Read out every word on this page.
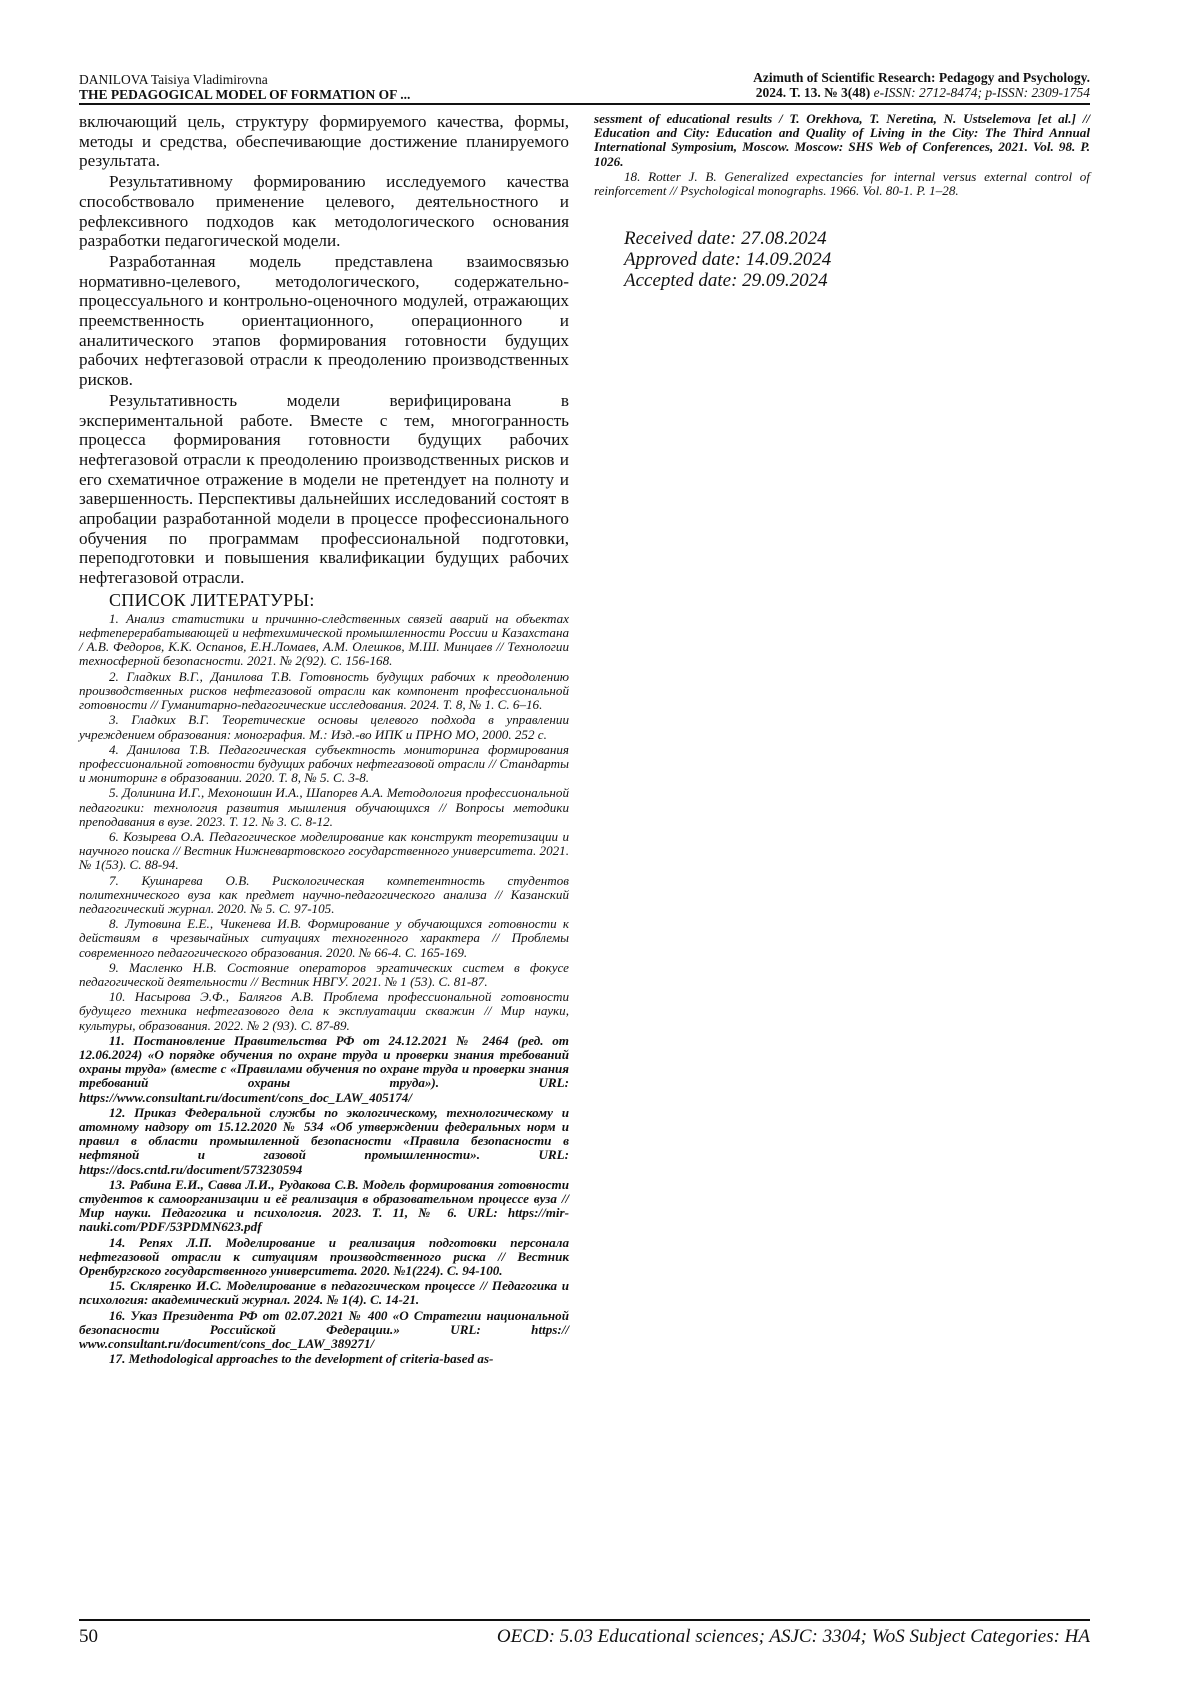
DANILOVA Taisiya Vladimirovna
THE PEDAGOGICAL MODEL OF FORMATION OF ...
Azimuth of Scientific Research: Pedagogy and Psychology.
2024. Т. 13. № 3(48) e-ISSN: 2712-8474; p-ISSN: 2309-1754

включающий цель, структуру формируемого качества, формы, методы и средства, обеспечивающие достижение планируемого результата.

Результативному формированию исследуемого качества способствовало применение целевого, деятельностного и рефлексивного подходов как методологического основания разработки педагогической модели.

Разработанная модель представлена взаимосвязью нормативно-целевого, методологического, содержательно-процессуального и контрольно-оценочного модулей, отражающих преемственность ориентационного, операционного и аналитического этапов формирования готовности будущих рабочих нефтегазовой отрасли к преодолению производственных рисков.

Результативность модели верифицирована в экспериментальной работе. Вместе с тем, многогранность процесса формирования готовности будущих рабочих нефтегазовой отрасли к преодолению производственных рисков и его схематичное отражение в модели не претендует на полноту и завершенность. Перспективы дальнейших исследований состоят в апробации разработанной модели в процессе профессионального обучения по программам профессиональной подготовки, переподготовки и повышения квалификации будущих рабочих нефтегазовой отрасли.

СПИСОК ЛИТЕРАТУРЫ:

1. Анализ статистики и причинно-следственных связей аварий на объектах нефтеперерабатывающей и нефтехимической промышленности России и Казахстана / А.В. Федоров, К.К. Оспанов, Е.Н.Ломаев, А.М. Олешков, М.Ш. Минцаев // Технологии техносферной безопасности. 2021. № 2(92). С. 156-168.

2. Гладких В.Г., Данилова Т.В. Готовность будущих рабочих к преодолению производственных рисков нефтегазовой отрасли как компонент профессиональной готовности // Гуманитарно-педагогические исследования. 2024. Т. 8, № 1. С. 6–16.

3. Гладких В.Г. Теоретические основы целевого подхода в управлении учреждением образования: монография. М.: Изд.-во ИПК и ПРНО МО, 2000. 252 с.

4. Данилова Т.В. Педагогическая субъектность мониторинга формирования профессиональной готовности будущих рабочих нефтегазовой отрасли // Стандарты и мониторинг в образовании. 2020. Т. 8, № 5. С. 3-8.

5. Долинина И.Г., Мехоношин И.А., Шапорев А.А. Методология профессиональной педагогики: технология развития мышления обучающихся // Вопросы методики преподавания в вузе. 2023. Т. 12. № 3. С. 8-12.

6. Козырева О.А. Педагогическое моделирование как конструкт теоретизации и научного поиска // Вестник Нижневартовского государственного университета. 2021. № 1(53). С. 88-94.

7. Кушнарева О.В. Рискологическая компетентность студентов политехнического вуза как предмет научно-педагогического анализа // Казанский педагогический журнал. 2020. № 5. С. 97-105.

8. Лутовина Е.Е., Чикенева И.В. Формирование у обучающихся готовности к действиям в чрезвычайных ситуациях техногенного характера // Проблемы современного педагогического образования. 2020. № 66-4. С. 165-169.

9. Масленко Н.В. Состояние операторов эргатических систем в фокусе педагогической деятельности // Вестник НВГУ. 2021. № 1 (53). С. 81-87.

10. Насырова Э.Ф., Балягов А.В. Проблема профессиональной готовности будущего техника нефтегазового дела к эксплуатации скважин // Мир науки, культуры, образования. 2022. № 2 (93). С. 87-89.

11. Постановление Правительства РФ от 24.12.2021 № 2464 (ред. от 12.06.2024) «О порядке обучения по охране труда и проверки знания требований охраны труда» (вместе с «Правилами обучения по охране труда и проверки знания требований охраны труда»). URL: https://www.consultant.ru/document/cons_doc_LAW_405174/

12. Приказ Федеральной службы по экологическому, технологическому и атомному надзору от 15.12.2020 № 534 «Об утверждении федеральных норм и правил в области промышленной безопасности «Правила безопасности в нефтяной и газовой промышленности». URL: https://docs.cntd.ru/document/573230594

13. Рабина Е.И., Савва Л.И., Рудакова С.В. Модель формирования готовности студентов к самоорганизации и её реализация в образовательном процессе вуза // Мир науки. Педагогика и психология. 2023. Т. 11, № 6. URL: https://mir-nauki.com/PDF/53PDMN623.pdf

14. Репях Л.П. Моделирование и реализация подготовки персонала нефтегазовой отрасли к ситуациям производственного риска // Вестник Оренбургского государственного университета. 2020. №1(224). С. 94-100.

15. Скляренко И.С. Моделирование в педагогическом процессе // Педагогика и психология: академический журнал. 2024. № 1(4). С. 14-21.

16. Указ Президента РФ от 02.07.2021 № 400 «О Стратегии национальной безопасности Российской Федерации.» URL: https:// www.consultant.ru/document/cons_doc_LAW_389271/

17. Methodological approaches to the development of criteria-based as-

sessment of educational results / T. Orekhova, T. Neretina, N. Ustselemova [et al.] // Education and City: Education and Quality of Living in the City: The Third Annual International Symposium, Moscow. Moscow: SHS Web of Conferences, 2021. Vol. 98. P. 1026.

18. Rotter J. B. Generalized expectancies for internal versus external control of reinforcement // Psychological monographs. 1966. Vol. 80-1. P. 1–28.

Received date: 27.08.2024
Approved date: 14.09.2024
Accepted date: 29.09.2024
50	OECD: 5.03 Educational sciences; ASJC: 3304; WoS Subject Categories: HA
